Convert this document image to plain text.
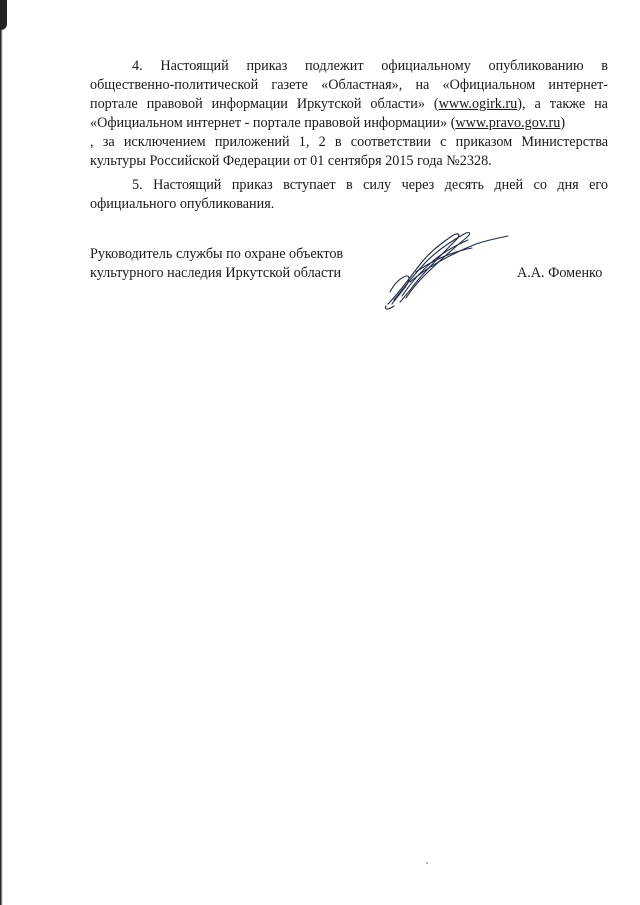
4. Настоящий приказ подлежит официальному опубликованию в
общественно-политической газете «Областная», на «Официальном интернет-
портале правовой информации Иркутской области» (www.ogirk.ru), а также на
«Официальном интернет - портале правовой информации» (www.pravo.gov.ru)
, за исключением приложений 1, 2 в соответствии с приказом Министерства
культуры Российской Федерации от 01 сентября 2015 года №2328.
5. Настоящий приказ вступает в силу через десять дней со дня его
официального опубликования.
Руководитель службы по охране объектов
культурного наследия Иркутской области	А.А. Фоменко
